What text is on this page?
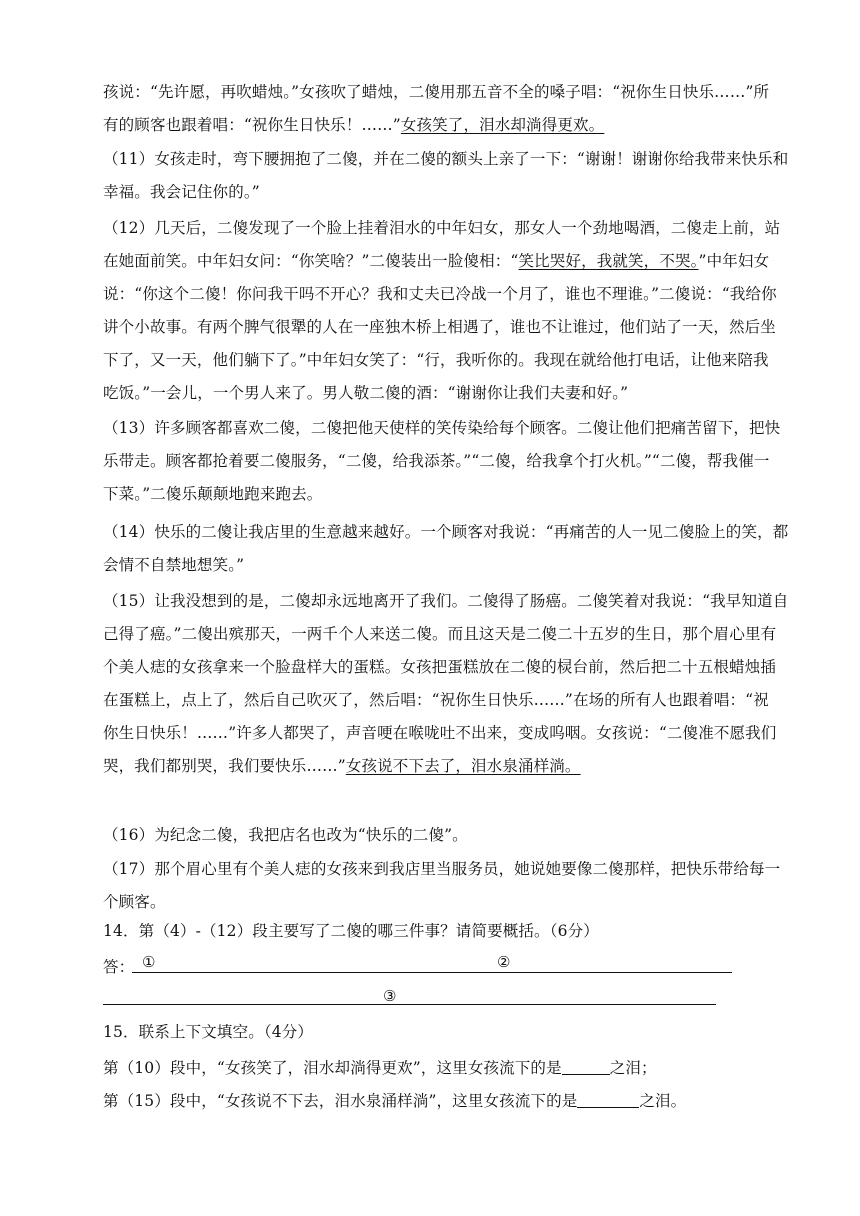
孩说：“先许愿，再吹蜡烛。”女孩吹了蜡烛，二傻用那五音不全的嗓子唱：“祝你生日快乐……”所
有的顾客也跟着唱：“祝你生日快乐！……”女孩笑了，泪水却淌得更欢。
（11）女孩走时，弯下腰拥抱了二傻，并在二傻的额头上亲了一下：“谢谢！谢谢你给我带来快乐和
幸福。我会记住你的。”
（12）几天后，二傻发现了一个脸上挂着泪水的中年妇女，那女人一个劲地喝酒，二傻走上前，站
在她面前笑。中年妇女问：“你笑啥？”二傻装出一脸傻相：“笑比哭好，我就笑，不哭。”中年妇女
说：“你这个二傻！你问我干吗不开心？我和丈夫已冷战一个月了，谁也不理谁。”二傻说：“我给你
讲个小故事。有两个脾气很犟的人在一座独木桥上相遇了，谁也不让谁过，他们站了一天，然后坐
下了，又一天，他们躺下了。”中年妇女笑了：“行，我听你的。我现在就给他打电话，让他来陪我
吃饭。”一会儿，一个男人来了。男人敬二傻的酒：“谢谢你让我们夫妻和好。”
（13）许多顾客都喜欢二傻，二傻把他天使样的笑传染给每个顾客。二傻让他们把痛苦留下，把快
乐带走。顾客都抢着要二傻服务，“二傻，给我添茶。”“二傻，给我拿个打火机。”“二傻，帮我催一
下菜。”二傻乐颠颠地跑来跑去。
（14）快乐的二傻让我店里的生意越来越好。一个顾客对我说：“再痛苦的人一见二傻脸上的笑，都
会情不自禁地想笑。”
（15）让我没想到的是，二傻却永远地离开了我们。二傻得了肠癌。二傻笑着对我说：“我早知道自
己得了癌。”二傻出殡那天，一两千个人来送二傻。而且这天是二傻二十五岁的生日，那个眉心里有
个美人痣的女孩拿来一个脸盘样大的蛋糕。女孩把蛋糕放在二傻的棂台前，然后把二十五根蜡烛插
在蛋糕上，点上了，然后自己吹灭了，然后唱：“祝你生日快乐……”在场的所有人也跟着唱：“祝
你生日快乐！……”许多人都哭了，声音哽在喉咙吐不出来，变成呜咽。女孩说：“二傻准不愿我们
哭，我们都别哭，我们要快乐……”女孩说不下去了，泪水泉涌样淌。
（16）为纪念二傻，我把店名也改为“快乐的二傻”。
（17）那个眉心里有个美人痣的女孩来到我店里当服务员，她说她要像二傻那样，把快乐带给每一
个顾客。
14．第（4）-（12）段主要写了二傻的哪三件事？请简要概括。（6分）
答： ①	②
③
15．联系上下文填空。（4分）
第（10）段中，“女孩笑了，泪水却淌得更欢”，这里女孩流下的是	之泪；
第（15）段中，“女孩说不下去，泪水泉涌样淌”，这里女孩流下的是	之泪。
